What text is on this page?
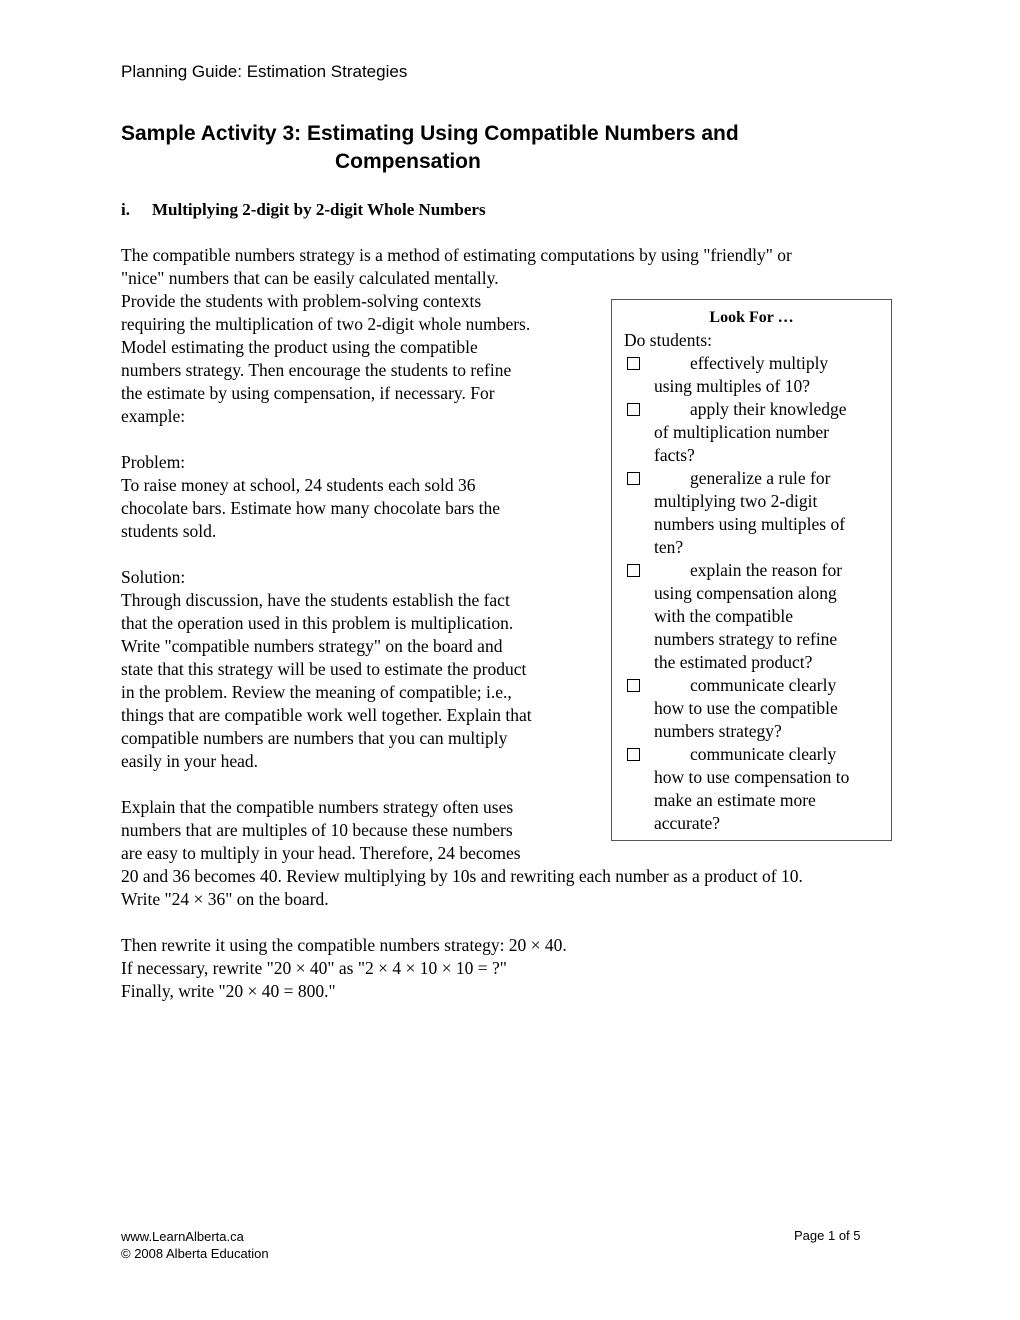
Planning Guide: Estimation Strategies
Sample Activity 3: Estimating Using Compatible Numbers and
Compensation
i. Multiplying 2-digit by 2-digit Whole Numbers
The compatible numbers strategy is a method of estimating computations by using "friendly" or
"nice" numbers that can be easily calculated mentally.
Provide the students with problem-solving contexts
requiring the multiplication of two 2-digit whole numbers.
Model estimating the product using the compatible
numbers strategy. Then encourage the students to refine
the estimate by using compensation, if necessary. For
example:
Problem:
To raise money at school, 24 students each sold 36
chocolate bars. Estimate how many chocolate bars the
students sold.
Solution:
Through discussion, have the students establish the fact
that the operation used in this problem is multiplication.
Write "compatible numbers strategy" on the board and
state that this strategy will be used to estimate the product
in the problem. Review the meaning of compatible; i.e.,
things that are compatible work well together. Explain that
compatible numbers are numbers that you can multiply
easily in your head.
Explain that the compatible numbers strategy often uses
numbers that are multiples of 10 because these numbers
are easy to multiply in your head. Therefore, 24 becomes
20 and 36 becomes 40. Review multiplying by 10s and rewriting each number as a product of 10.
Write "24 × 36" on the board.
Then rewrite it using the compatible numbers strategy: 20 × 40.
If necessary, rewrite "20 × 40" as "2 × 4 × 10 × 10 = ?"
Finally, write "20 × 40 = 800."
Look For …
Do students:
effectively multiply
using multiples of 10?
apply their knowledge
of multiplication number
facts?
generalize a rule for
multiplying two 2-digit
numbers using multiples of
ten?
explain the reason for
using compensation along
with the compatible
numbers strategy to refine
the estimated product?
communicate clearly
how to use the compatible
numbers strategy?
communicate clearly
how to use compensation to
make an estimate more
accurate?
www.LearnAlberta.ca
© 2008 Alberta Education
Page 1 of 5
